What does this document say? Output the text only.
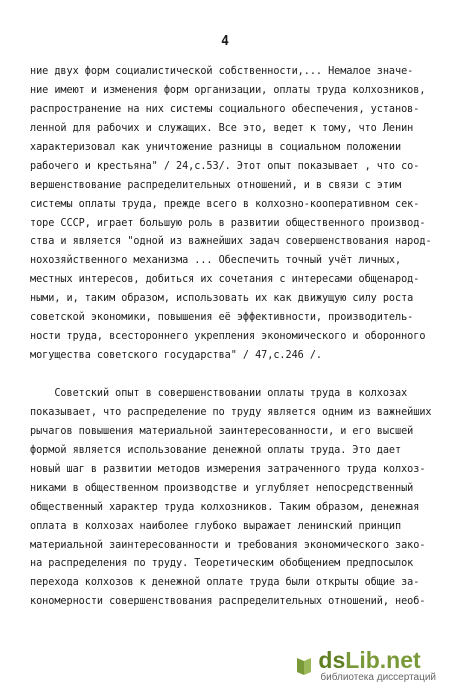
4
ние двух форм социалистической собственности,... Немалое значе-
ние имеют и изменения форм организации, оплаты труда колхозников,
распространение на них системы социального обеспечения, установ-
ленной для рабочих и служащих. Все это, ведет к тому, что Ленин
характеризовал как уничтожение разницы в социальном положении
рабочего и крестьяна" / 24,с.53/. Этот опыт показывает , что со-
вершенствование распределительных отношений, и в связи с этим
системы оплаты труда, прежде всего в колхозно-кооперативном сек-
торе СССР, играет большую роль в развитии общественного производ-
ства и является "одной из важнейших задач совершенствования народ-
нохозяйственного механизма ... Обеспечить точный учёт личных,
местных интересов, добиться их сочетания с интересами общенарод-
ными, и, таким образом, использовать их как движущую силу роста
советской экономики, повышения её эффективности, производитель-
ности труда, всестороннего укрепления экономического и оборонного
могущества советского государства" / 47,с.246 /.
Советский опыт в совершенствовании оплаты труда в колхозах
показывает, что распределение по труду является одним из важнейших
рычагов повышения материальной заинтересованности, и его высшей
формой является использование денежной оплаты труда. Это дает
новый шаг в развитии методов измерения затраченного труда колхоз-
никами в общественном производстве и углубляет непосредственный
общественный характер труда колхозников. Таким образом, денежная
оплата в колхозах наиболее глубоко выражает ленинский принцип
материальной заинтересованности и требования экономического зако-
на распределения по труду. Теоретическим обобщением предпосылок
перехода колхозов к денежной оплате труда были открыты общие за-
кономерности совершенствования распределительных отношений, необ-
dsLib.net
библиотека диссертаций
